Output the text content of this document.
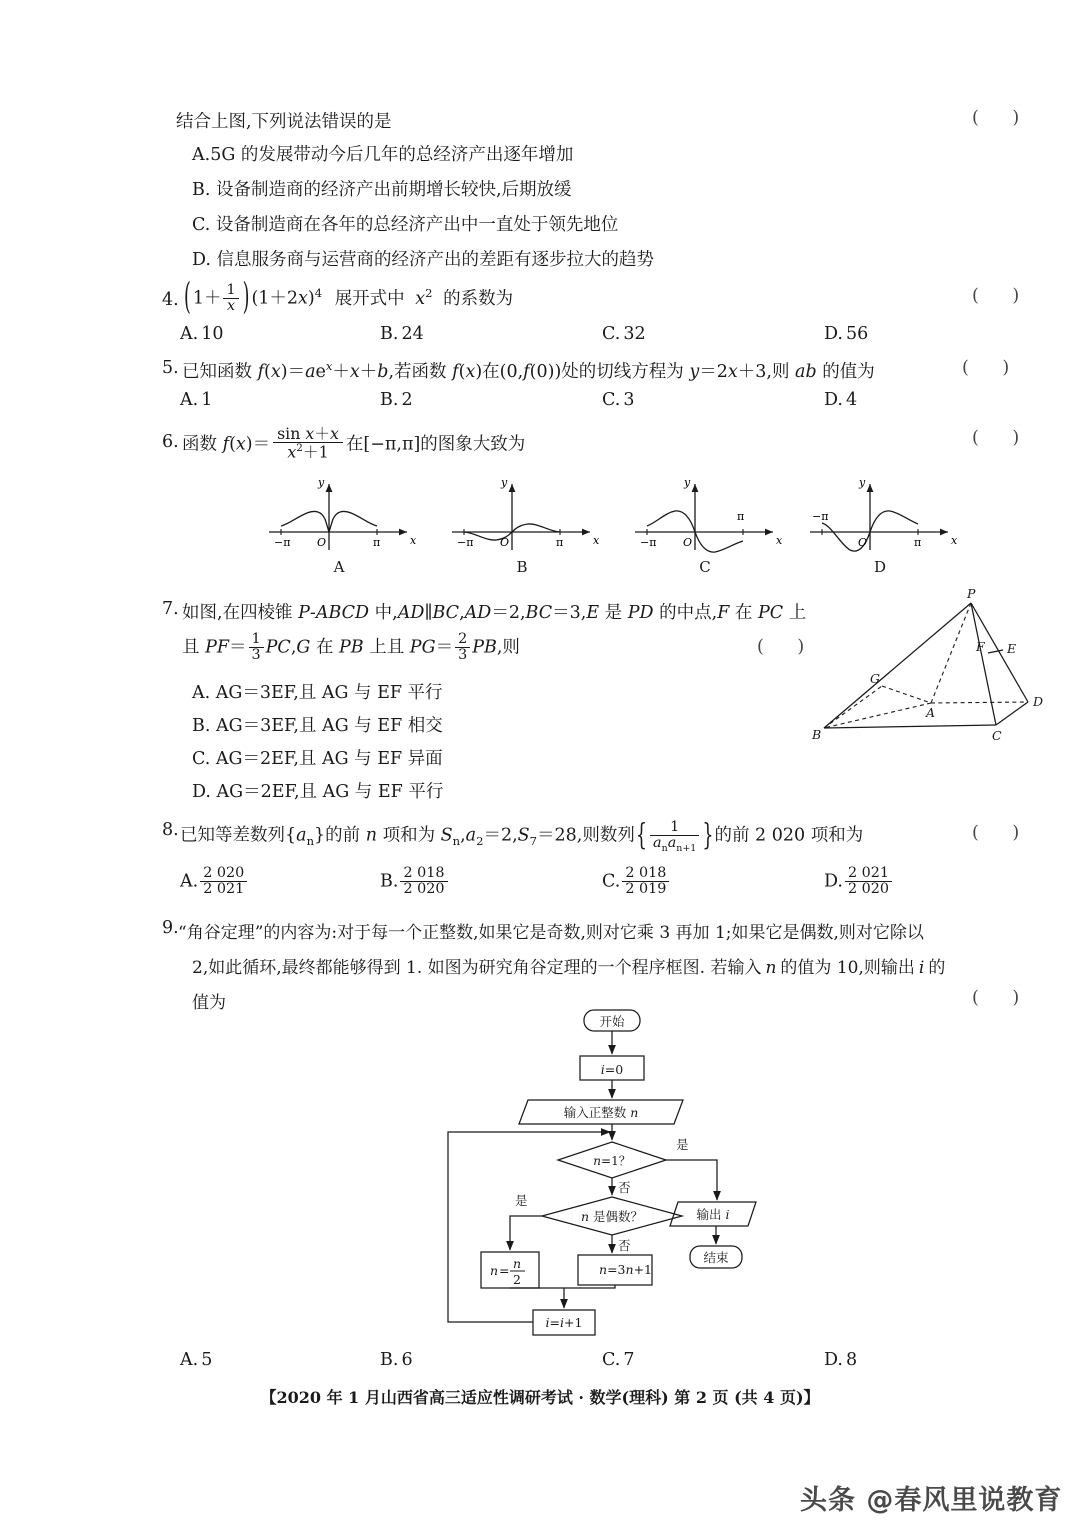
结合上图,下列说法错误的是	( )
A.5G 的发展带动今后几年的总经济产出逐年增加
B. 设备制造商的经济产出前期增长较快,后期放缓
C. 设备制造商在各年的总经济产出中一直处于领先地位
D. 信息服务商与运营商的经济产出的差距有逐步拉大的趋势
4. ( $1+ \frac{1}{x}$ ) $(1+2x)^4$ 展开式中 $x^2$ 的系数为	( )
A. 10	B. 24	C. 32	D. 56
5. 已知函数 $f(x)=ae^x+x+b$,若函数 f(x)在(0,f(0))处的切线方程为 y＝2x＋3,则 ab 的值为	( )
A. 1	B. 2	C. 3	D. 4
6. 函数 $f(x)= \frac{\text{sin x＋x}}{x^2+1}$ 在[−π,π]的图象大致为	( )
−π	π
O
y
x
A
−π	π
O
y
x
B
−π
π
O
y
x
C
−π
π
O
y
x
D
7. 如图,在四棱锥 P-ABCD 中,AD∥BC,AD＝2,BC＝3,E 是 PD 的中点,F 在 PC 上
且 $PF= \frac{1}{3} PC,G$ 在 PB 上且 $PG= \frac{2}{3}$ PB,则	( )
A. AG＝3EF,且 AG 与 EF 平行
B. AG＝3EF,且 AG 与 EF 相交
C. AG＝2EF,且 AG 与 EF 异面
D. AG＝2EF,且 AG 与 EF 平行
P
F E
G
A
D
B	C
8. 已知等差数列$\{a_n\}$的前 n 项和为 $S_n,a_2=2,S_7=28$,则数列{ $\frac{1}{a_na_{n+1}}$ }的前 2 020 项和为	( )
A. $\frac{2 020}{2 021}$	B. $\frac{2 018}{2 020}$	C. $\frac{2 018}{2 019}$	D. $\frac{2 021}{2 020}$
9. “角谷定理”的内容为:对于每一个正整数,如果它是奇数,则对它乘 3 再加 1;如果它是偶数,则对它除以
2,如此循环,最终都能够得到 1. 如图为研究角谷定理的一个程序框图. 若输入 n 的值为 10,则输出 i 的
值为	( )
开始
i=0
输入正整数 n
n=1？
n 是偶数？
n=3n+1
i=i+1
输出 i
结束
n = n
2
是
否
是
否
A. 5	B. 6	C. 7	D. 8
【2020 年 1 月山西省高三适应性调研考试 · 数学(理科) 第 2 页 (共 4 页)】
头条 @春风里说教育
